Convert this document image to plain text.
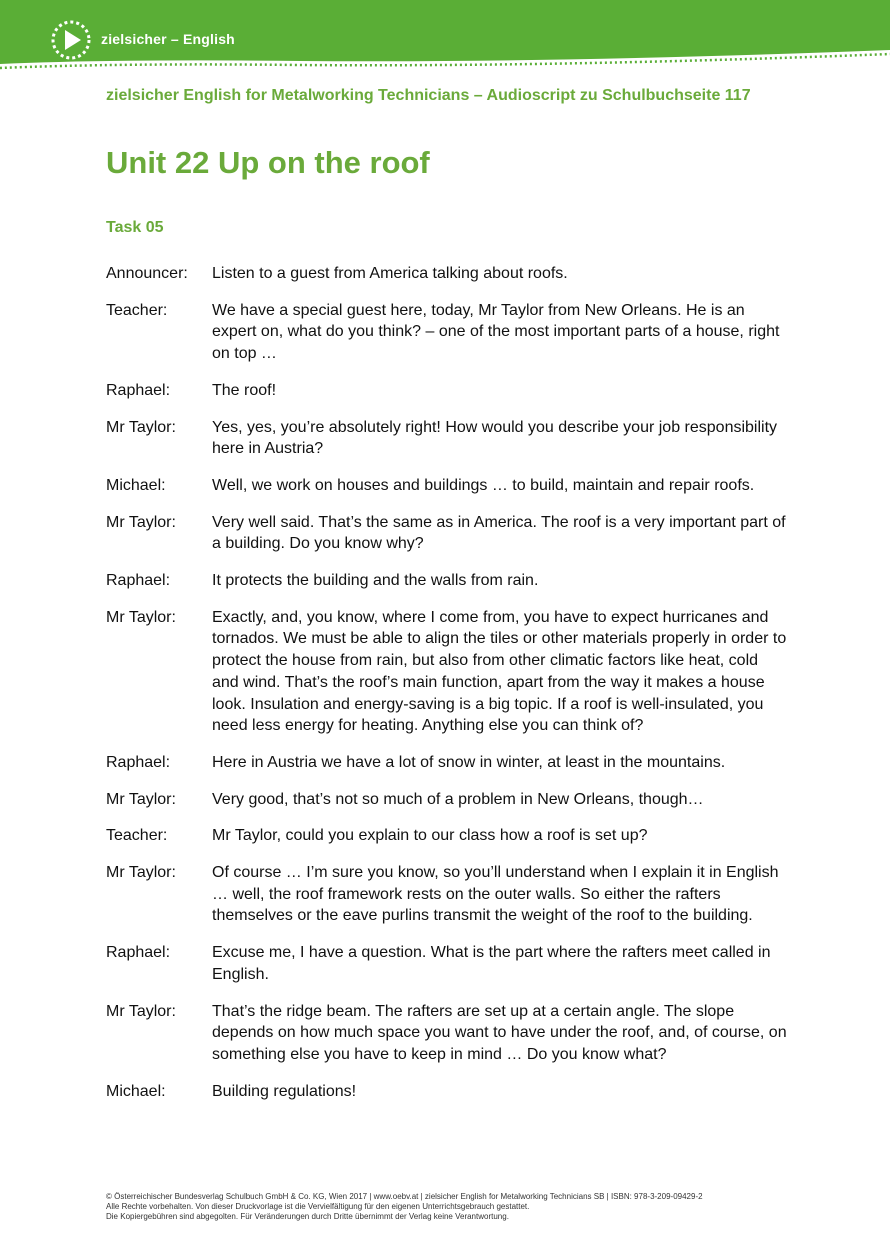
zielsicher – English
zielsicher English for Metalworking Technicians – Audioscript zu Schulbuchseite 117
Unit 22 Up on the roof
Task 05
Announcer:	Listen to a guest from America talking about roofs.
Teacher:	We have a special guest here, today, Mr Taylor from New Orleans. He is an expert on, what do you think? – one of the most important parts of a house, right on top …
Raphael:	The roof!
Mr Taylor:	Yes, yes, you’re absolutely right! How would you describe your job responsibility here in Austria?
Michael:	Well, we work on houses and buildings … to build, maintain and repair roofs.
Mr Taylor:	Very well said. That’s the same as in America. The roof is a very important part of a building. Do you know why?
Raphael:	It protects the building and the walls from rain.
Mr Taylor:	Exactly, and, you know, where I come from, you have to expect hurricanes and tornados. We must be able to align the tiles or other materials properly in order to protect the house from rain, but also from other climatic factors like heat, cold and wind. That’s the roof’s main function, apart from the way it makes a house look. Insulation and energy-saving is a big topic. If a roof is well-insulated, you need less energy for heating. Anything else you can think of?
Raphael:	Here in Austria we have a lot of snow in winter, at least in the mountains.
Mr Taylor:	Very good, that’s not so much of a problem in New Orleans, though…
Teacher:	Mr Taylor, could you explain to our class how a roof is set up?
Mr Taylor:	Of course … I’m sure you know, so you’ll understand when I explain it in English … well, the roof framework rests on the outer walls. So either the rafters themselves or the eave purlins transmit the weight of the roof to the building.
Raphael:	Excuse me, I have a question. What is the part where the rafters meet called in English.
Mr Taylor:	That’s the ridge beam. The rafters are set up at a certain angle. The slope depends on how much space you want to have under the roof, and, of course, on something else you have to keep in mind … Do you know what?
Michael:	Building regulations!
© Österreichischer Bundesverlag Schulbuch GmbH & Co. KG, Wien 2017 | www.oebv.at | zielsicher English for Metalworking Technicians SB | ISBN: 978-3-209-09429-2
Alle Rechte vorbehalten. Von dieser Druckvorlage ist die Vervielfältigung für den eigenen Unterrichtsgebrauch gestattet.
Die Kopiergebühren sind abgegolten. Für Veränderungen durch Dritte übernimmt der Verlag keine Verantwortung.
